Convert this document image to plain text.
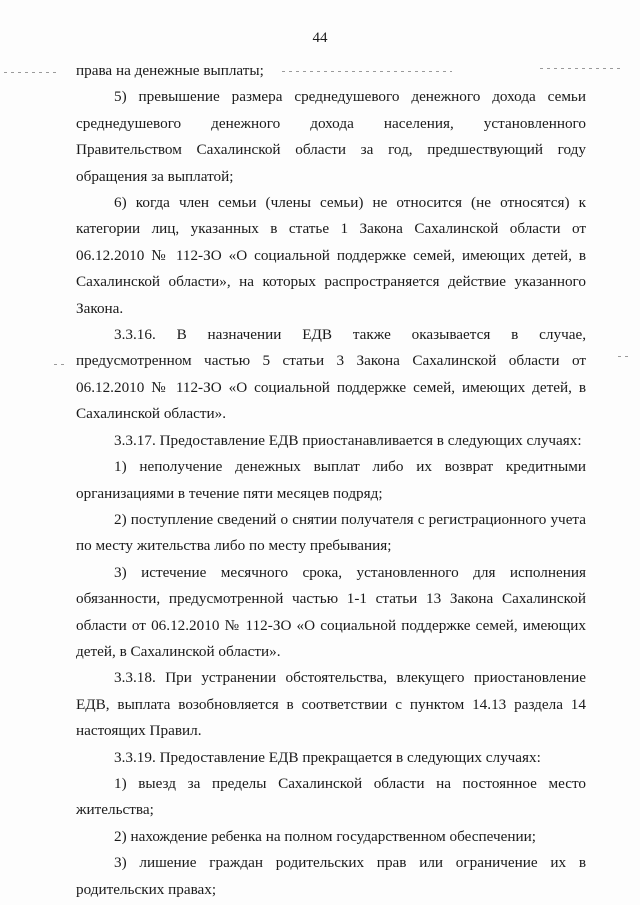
44

права на денежные выплаты;

5) превышение размера среднедушевого денежного дохода семьи среднедушевого денежного дохода населения, установленного Правительством Сахалинской области за год, предшествующий году обращения за выплатой;

6) когда член семьи (члены семьи) не относится (не относятся) к категории лиц, указанных в статье 1 Закона Сахалинской области от 06.12.2010 № 112-ЗО «О социальной поддержке семей, имеющих детей, в Сахалинской области», на которых распространяется действие указанного Закона.

3.3.16. В назначении ЕДВ также оказывается в случае, предусмотренном частью 5 статьи 3 Закона Сахалинской области от 06.12.2010 № 112-ЗО «О социальной поддержке семей, имеющих детей, в Сахалинской области».

3.3.17. Предоставление ЕДВ приостанавливается в следующих случаях:

1) неполучение денежных выплат либо их возврат кредитными организациями в течение пяти месяцев подряд;

2) поступление сведений о снятии получателя с регистрационного учета по месту жительства либо по месту пребывания;

3) истечение месячного срока, установленного для исполнения обязанности, предусмотренной частью 1-1 статьи 13 Закона Сахалинской области от 06.12.2010 № 112-ЗО «О социальной поддержке семей, имеющих детей, в Сахалинской области».

3.3.18. При устранении обстоятельства, влекущего приостановление ЕДВ, выплата возобновляется в соответствии с пунктом 14.13 раздела 14 настоящих Правил.

3.3.19. Предоставление ЕДВ прекращается в следующих случаях:

1) выезд за пределы Сахалинской области на постоянное место жительства;

2) нахождение ребенка на полном государственном обеспечении;

3) лишение граждан родительских прав или ограничение их в родительских правах;
